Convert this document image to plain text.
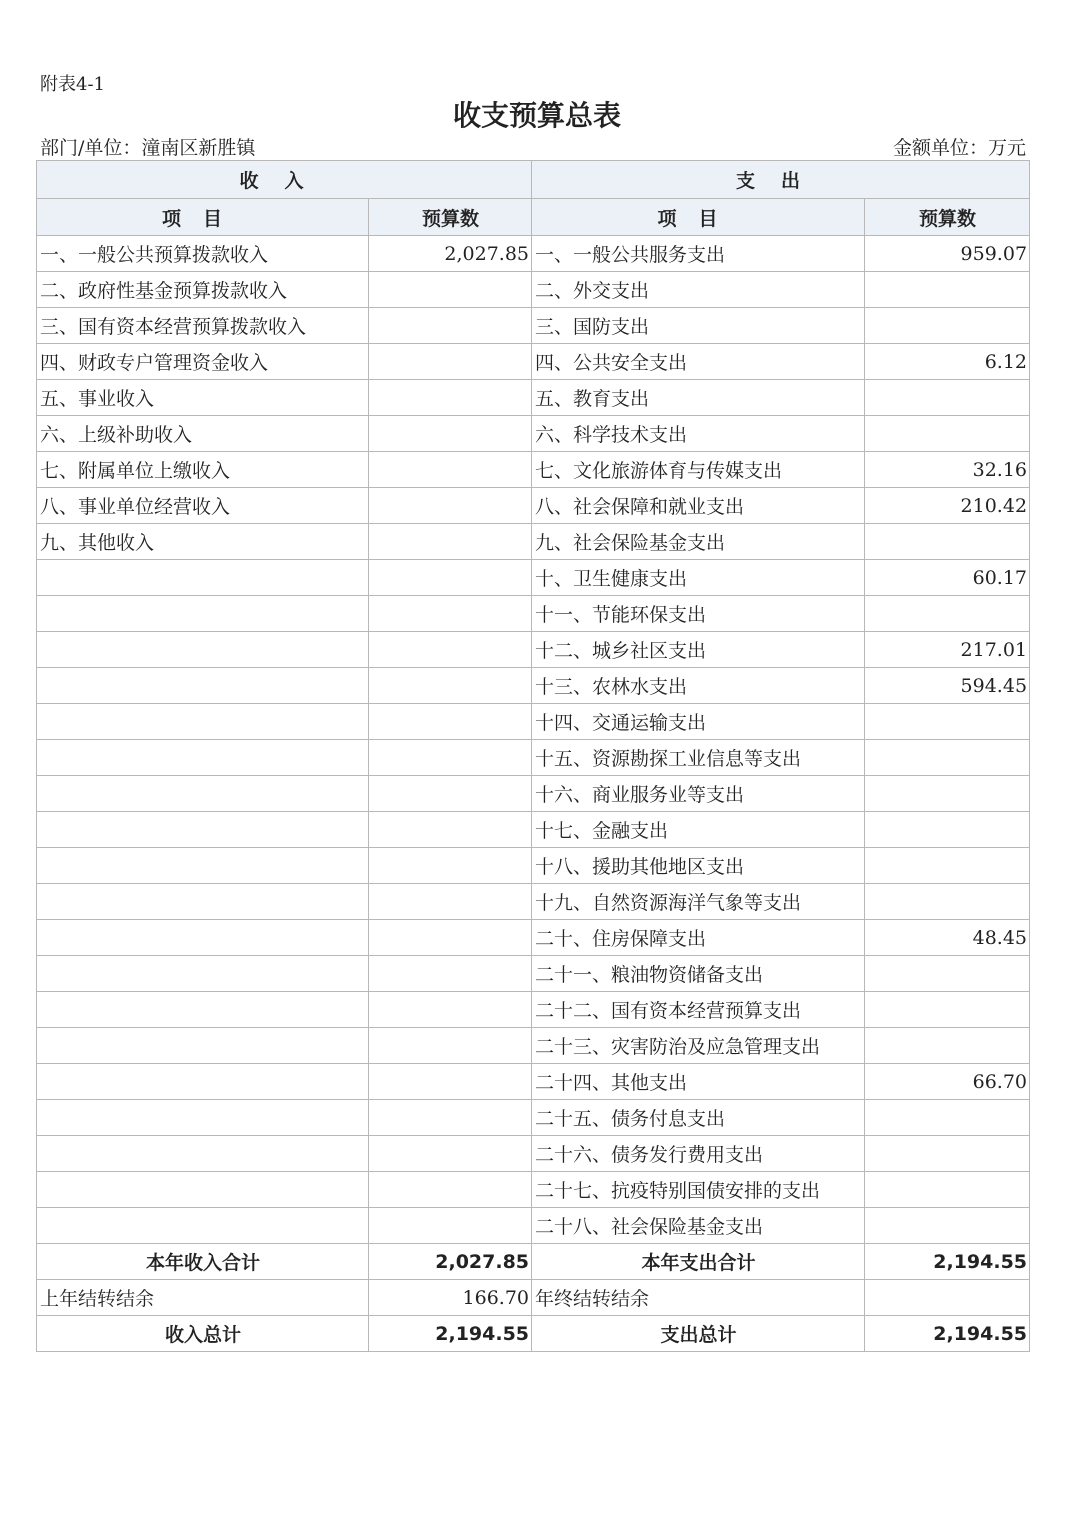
附表4-1
收支预算总表
部门/单位：潼南区新胜镇	金额单位：万元
收入		支出	
项目	预算数	项目	预算数
一、一般公共预算拨款收入	2,027.85	一、一般公共服务支出	959.07
二、政府性基金预算拨款收入		二、外交支出	
三、国有资本经营预算拨款收入		三、国防支出	
四、财政专户管理资金收入		四、公共安全支出	6.12
五、事业收入		五、教育支出	
六、上级补助收入		六、科学技术支出	
七、附属单位上缴收入		七、文化旅游体育与传媒支出	32.16
八、事业单位经营收入		八、社会保障和就业支出	210.42
九、其他收入		九、社会保险基金支出	
		十、卫生健康支出	60.17
		十一、节能环保支出	
		十二、城乡社区支出	217.01
		十三、农林水支出	594.45
		十四、交通运输支出	
		十五、资源勘探工业信息等支出	
		十六、商业服务业等支出	
		十七、金融支出	
		十八、援助其他地区支出	
		十九、自然资源海洋气象等支出	
		二十、住房保障支出	48.45
		二十一、粮油物资储备支出	
		二十二、国有资本经营预算支出	
		二十三、灾害防治及应急管理支出	
		二十四、其他支出	66.70
		二十五、债务付息支出	
		二十六、债务发行费用支出	
		二十七、抗疫特别国债安排的支出	
		二十八、社会保险基金支出	
本年收入合计	2,027.85	本年支出合计	2,194.55
上年结转结余	166.70	年终结转结余	
收入总计	2,194.55	支出总计	2,194.55
